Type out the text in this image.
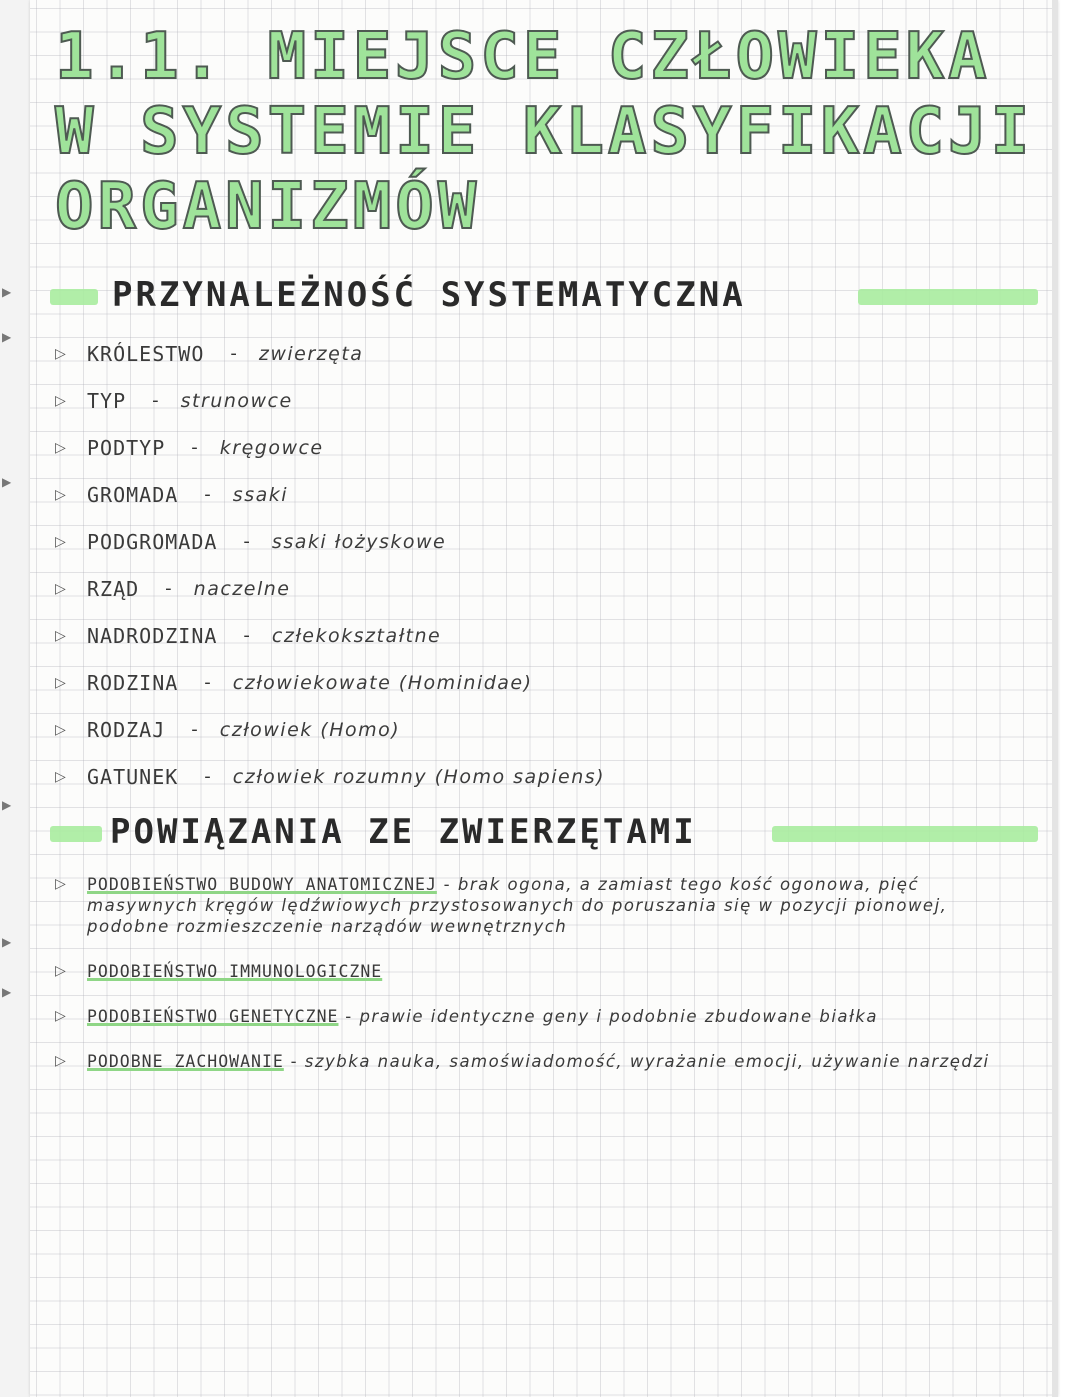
1.1. MIEJSCE CZŁOWIEKA
W SYSTEMIE KLASYFIKACJI
ORGANIZMÓW
PRZYNALEŻNOŚĆ SYSTEMATYCZNA
▷	KRÓLESTWO - zwierzęta
▷	TYP - strunowce
▷	PODTYP - kręgowce
▷	GROMADA - ssaki
▷	PODGROMADA - ssaki łożyskowe
▷	RZĄD - naczelne
▷	NADRODZINA - człekokształtne
▷	RODZINA - człowiekowate (Hominidae)
▷	RODZAJ - człowiek (Homo)
▷	GATUNEK - człowiek rozumny (Homo sapiens)
POWIĄZANIA ZE ZWIERZĘTAMI
▷	PODOBIEŃSTWO BUDOWY ANATOMICZNEJ - brak ogona, a zamiast tego kość ogonowa, pięć masywnych kręgów lędźwiowych przystosowanych do poruszania się w pozycji pionowej, podobne rozmieszczenie narządów wewnętrznych
▷	PODOBIEŃSTWO IMMUNOLOGICZNE
▷	PODOBIEŃSTWO GENETYCZNE - prawie identyczne geny i podobnie zbudowane białka
▷	PODOBNE ZACHOWANIE - szybka nauka, samoświadomość, wyrażanie emocji, używanie narzędzi
▶
▶
▶
▶
▶
▶
